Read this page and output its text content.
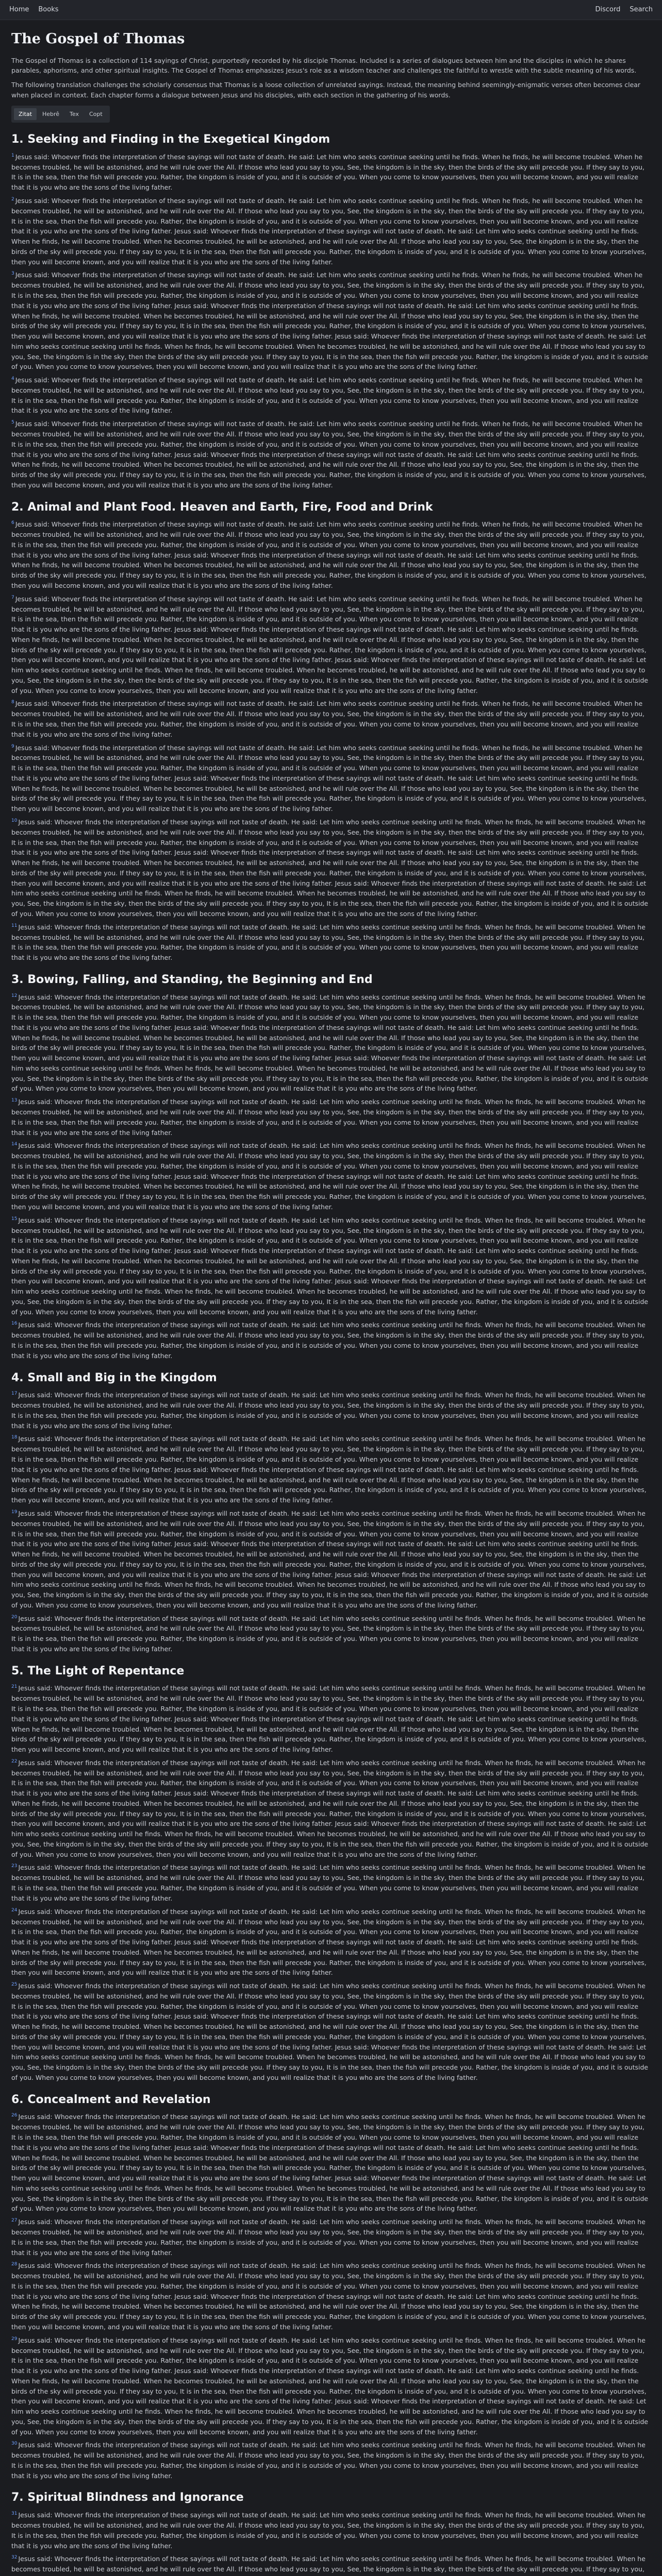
Home Books	Discord Search
The Gospel of Thomas

The Gospel of Thomas is a collection of 114 sayings of Christ, purportedly recorded by his disciple Thomas. Included is a series of dialogues between him and the disciples in which he shares parables, aphorisms, and other spiritual insights. The Gospel of Thomas emphasizes Jesus's role as a wisdom teacher and challenges the faithful to wrestle with the subtle meaning of his words.

The following translation challenges the scholarly consensus that Thomas is a loose collection of unrelated sayings. Instead, the meaning behind seemingly-enigmatic verses often becomes clear when placed in context. Each chapter forms a dialogue between Jesus and his disciples, with each section in the gathering of his words.

Zitat	Hebrê	Tex	Copt
1. Seeking and Finding in the Exegetical Kingdom

$^1$ Jesus said: Whoever finds the interpretation of these sayings will not taste of death. He said: Let him who seeks continue seeking until he finds. When he finds, he will become troubled. When he becomes troubled, he will be astonished, and he will rule over the All. If those who lead you say to you, See, the kingdom is in the sky, then the birds of the sky will precede you. If they say to you, It is in the sea, then the fish will precede you. Rather, the kingdom is inside of you, and it is outside of you. When you come to know yourselves, then you will become known, and you will realize that it is you who are the sons of the living father.

$^2$ Jesus said: Whoever finds the interpretation of these sayings will not taste of death. He said: Let him who seeks continue seeking until he finds. When he finds, he will become troubled. When he becomes troubled, he will be astonished, and he will rule over the All. If those who lead you say to you, See, the kingdom is in the sky, then the birds of the sky will precede you. If they say to you, It is in the sea, then the fish will precede you. Rather, the kingdom is inside of you, and it is outside of you. When you come to know yourselves, then you will become known, and you will realize that it is you who are the sons of the living father. Jesus said: Whoever finds the interpretation of these sayings will not taste of death. He said: Let him who seeks continue seeking until he finds. When he finds, he will become troubled. When he becomes troubled, he will be astonished, and he will rule over the All. If those who lead you say to you, See, the kingdom is in the sky, then the birds of the sky will precede you. If they say to you, It is in the sea, then the fish will precede you. Rather, the kingdom is inside of you, and it is outside of you. When you come to know yourselves, then you will become known, and you will realize that it is you who are the sons of the living father.

$^3$ Jesus said: Whoever finds the interpretation of these sayings will not taste of death. He said: Let him who seeks continue seeking until he finds. When he finds, he will become troubled. When he becomes troubled, he will be astonished, and he will rule over the All. If those who lead you say to you, See, the kingdom is in the sky, then the birds of the sky will precede you. If they say to you, It is in the sea, then the fish will precede you. Rather, the kingdom is inside of you, and it is outside of you. When you come to know yourselves, then you will become known, and you will realize that it is you who are the sons of the living father. Jesus said: Whoever finds the interpretation of these sayings will not taste of death. He said: Let him who seeks continue seeking until he finds. When he finds, he will become troubled. When he becomes troubled, he will be astonished, and he will rule over the All. If those who lead you say to you, See, the kingdom is in the sky, then the birds of the sky will precede you. If they say to you, It is in the sea, then the fish will precede you. Rather, the kingdom is inside of you, and it is outside of you. When you come to know yourselves, then you will become known, and you will realize that it is you who are the sons of the living father. Jesus said: Whoever finds the interpretation of these sayings will not taste of death. He said: Let him who seeks continue seeking until he finds. When he finds, he will become troubled. When he becomes troubled, he will be astonished, and he will rule over the All. If those who lead you say to you, See, the kingdom is in the sky, then the birds of the sky will precede you. If they say to you, It is in the sea, then the fish will precede you. Rather, the kingdom is inside of you, and it is outside of you. When you come to know yourselves, then you will become known, and you will realize that it is you who are the sons of the living father.

$^4$ Jesus said: Whoever finds the interpretation of these sayings will not taste of death. He said: Let him who seeks continue seeking until he finds. When he finds, he will become troubled. When he becomes troubled, he will be astonished, and he will rule over the All. If those who lead you say to you, See, the kingdom is in the sky, then the birds of the sky will precede you. If they say to you, It is in the sea, then the fish will precede you. Rather, the kingdom is inside of you, and it is outside of you. When you come to know yourselves, then you will become known, and you will realize that it is you who are the sons of the living father.

$^5$ Jesus said: Whoever finds the interpretation of these sayings will not taste of death. He said: Let him who seeks continue seeking until he finds. When he finds, he will become troubled. When he becomes troubled, he will be astonished, and he will rule over the All. If those who lead you say to you, See, the kingdom is in the sky, then the birds of the sky will precede you. If they say to you, It is in the sea, then the fish will precede you. Rather, the kingdom is inside of you, and it is outside of you. When you come to know yourselves, then you will become known, and you will realize that it is you who are the sons of the living father. Jesus said: Whoever finds the interpretation of these sayings will not taste of death. He said: Let him who seeks continue seeking until he finds. When he finds, he will become troubled. When he becomes troubled, he will be astonished, and he will rule over the All. If those who lead you say to you, See, the kingdom is in the sky, then the birds of the sky will precede you. If they say to you, It is in the sea, then the fish will precede you. Rather, the kingdom is inside of you, and it is outside of you. When you come to know yourselves, then you will become known, and you will realize that it is you who are the sons of the living father.

2. Animal and Plant Food. Heaven and Earth, Fire, Food and Drink

$^6$ Jesus said: Whoever finds the interpretation of these sayings will not taste of death. He said: Let him who seeks continue seeking until he finds. When he finds, he will become troubled. When he becomes troubled, he will be astonished, and he will rule over the All. If those who lead you say to you, See, the kingdom is in the sky, then the birds of the sky will precede you. If they say to you, It is in the sea, then the fish will precede you. Rather, the kingdom is inside of you, and it is outside of you. When you come to know yourselves, then you will become known, and you will realize that it is you who are the sons of the living father. Jesus said: Whoever finds the interpretation of these sayings will not taste of death. He said: Let him who seeks continue seeking until he finds. When he finds, he will become troubled. When he becomes troubled, he will be astonished, and he will rule over the All. If those who lead you say to you, See, the kingdom is in the sky, then the birds of the sky will precede you. If they say to you, It is in the sea, then the fish will precede you. Rather, the kingdom is inside of you, and it is outside of you. When you come to know yourselves, then you will become known, and you will realize that it is you who are the sons of the living father.

$^7$ Jesus said: Whoever finds the interpretation of these sayings will not taste of death. He said: Let him who seeks continue seeking until he finds. When he finds, he will become troubled. When he becomes troubled, he will be astonished, and he will rule over the All. If those who lead you say to you, See, the kingdom is in the sky, then the birds of the sky will precede you. If they say to you, It is in the sea, then the fish will precede you. Rather, the kingdom is inside of you, and it is outside of you. When you come to know yourselves, then you will become known, and you will realize that it is you who are the sons of the living father. Jesus said: Whoever finds the interpretation of these sayings will not taste of death. He said: Let him who seeks continue seeking until he finds. When he finds, he will become troubled. When he becomes troubled, he will be astonished, and he will rule over the All. If those who lead you say to you, See, the kingdom is in the sky, then the birds of the sky will precede you. If they say to you, It is in the sea, then the fish will precede you. Rather, the kingdom is inside of you, and it is outside of you. When you come to know yourselves, then you will become known, and you will realize that it is you who are the sons of the living father. Jesus said: Whoever finds the interpretation of these sayings will not taste of death. He said: Let him who seeks continue seeking until he finds. When he finds, he will become troubled. When he becomes troubled, he will be astonished, and he will rule over the All. If those who lead you say to you, See, the kingdom is in the sky, then the birds of the sky will precede you. If they say to you, It is in the sea, then the fish will precede you. Rather, the kingdom is inside of you, and it is outside of you. When you come to know yourselves, then you will become known, and you will realize that it is you who are the sons of the living father.

$^8$ Jesus said: Whoever finds the interpretation of these sayings will not taste of death. He said: Let him who seeks continue seeking until he finds. When he finds, he will become troubled. When he becomes troubled, he will be astonished, and he will rule over the All. If those who lead you say to you, See, the kingdom is in the sky, then the birds of the sky will precede you. If they say to you, It is in the sea, then the fish will precede you. Rather, the kingdom is inside of you, and it is outside of you. When you come to know yourselves, then you will become known, and you will realize that it is you who are the sons of the living father.

$^9$ Jesus said: Whoever finds the interpretation of these sayings will not taste of death. He said: Let him who seeks continue seeking until he finds. When he finds, he will become troubled. When he becomes troubled, he will be astonished, and he will rule over the All. If those who lead you say to you, See, the kingdom is in the sky, then the birds of the sky will precede you. If they say to you, It is in the sea, then the fish will precede you. Rather, the kingdom is inside of you, and it is outside of you. When you come to know yourselves, then you will become known, and you will realize that it is you who are the sons of the living father. Jesus said: Whoever finds the interpretation of these sayings will not taste of death. He said: Let him who seeks continue seeking until he finds. When he finds, he will become troubled. When he becomes troubled, he will be astonished, and he will rule over the All. If those who lead you say to you, See, the kingdom is in the sky, then the birds of the sky will precede you. If they say to you, It is in the sea, then the fish will precede you. Rather, the kingdom is inside of you, and it is outside of you. When you come to know yourselves, then you will become known, and you will realize that it is you who are the sons of the living father.

$^{10}$ Jesus said: Whoever finds the interpretation of these sayings will not taste of death. He said: Let him who seeks continue seeking until he finds. When he finds, he will become troubled. When he becomes troubled, he will be astonished, and he will rule over the All. If those who lead you say to you, See, the kingdom is in the sky, then the birds of the sky will precede you. If they say to you, It is in the sea, then the fish will precede you. Rather, the kingdom is inside of you, and it is outside of you. When you come to know yourselves, then you will become known, and you will realize that it is you who are the sons of the living father. Jesus said: Whoever finds the interpretation of these sayings will not taste of death. He said: Let him who seeks continue seeking until he finds. When he finds, he will become troubled. When he becomes troubled, he will be astonished, and he will rule over the All. If those who lead you say to you, See, the kingdom is in the sky, then the birds of the sky will precede you. If they say to you, It is in the sea, then the fish will precede you. Rather, the kingdom is inside of you, and it is outside of you. When you come to know yourselves, then you will become known, and you will realize that it is you who are the sons of the living father. Jesus said: Whoever finds the interpretation of these sayings will not taste of death. He said: Let him who seeks continue seeking until he finds. When he finds, he will become troubled. When he becomes troubled, he will be astonished, and he will rule over the All. If those who lead you say to you, See, the kingdom is in the sky, then the birds of the sky will precede you. If they say to you, It is in the sea, then the fish will precede you. Rather, the kingdom is inside of you, and it is outside of you. When you come to know yourselves, then you will become known, and you will realize that it is you who are the sons of the living father.

$^{11}$ Jesus said: Whoever finds the interpretation of these sayings will not taste of death. He said: Let him who seeks continue seeking until he finds. When he finds, he will become troubled. When he becomes troubled, he will be astonished, and he will rule over the All. If those who lead you say to you, See, the kingdom is in the sky, then the birds of the sky will precede you. If they say to you, It is in the sea, then the fish will precede you. Rather, the kingdom is inside of you, and it is outside of you. When you come to know yourselves, then you will become known, and you will realize that it is you who are the sons of the living father.

3. Bowing, Falling, and Standing, the Beginning and End

$^{12}$ Jesus said: Whoever finds the interpretation of these sayings will not taste of death. He said: Let him who seeks continue seeking until he finds. When he finds, he will become troubled. When he becomes troubled, he will be astonished, and he will rule over the All. If those who lead you say to you, See, the kingdom is in the sky, then the birds of the sky will precede you. If they say to you, It is in the sea, then the fish will precede you. Rather, the kingdom is inside of you, and it is outside of you. When you come to know yourselves, then you will become known, and you will realize that it is you who are the sons of the living father. Jesus said: Whoever finds the interpretation of these sayings will not taste of death. He said: Let him who seeks continue seeking until he finds. When he finds, he will become troubled. When he becomes troubled, he will be astonished, and he will rule over the All. If those who lead you say to you, See, the kingdom is in the sky, then the birds of the sky will precede you. If they say to you, It is in the sea, then the fish will precede you. Rather, the kingdom is inside of you, and it is outside of you. When you come to know yourselves, then you will become known, and you will realize that it is you who are the sons of the living father. Jesus said: Whoever finds the interpretation of these sayings will not taste of death. He said: Let him who seeks continue seeking until he finds. When he finds, he will become troubled. When he becomes troubled, he will be astonished, and he will rule over the All. If those who lead you say to you, See, the kingdom is in the sky, then the birds of the sky will precede you. If they say to you, It is in the sea, then the fish will precede you. Rather, the kingdom is inside of you, and it is outside of you. When you come to know yourselves, then you will become known, and you will realize that it is you who are the sons of the living father.

$^{13}$ Jesus said: Whoever finds the interpretation of these sayings will not taste of death. He said: Let him who seeks continue seeking until he finds. When he finds, he will become troubled. When he becomes troubled, he will be astonished, and he will rule over the All. If those who lead you say to you, See, the kingdom is in the sky, then the birds of the sky will precede you. If they say to you, It is in the sea, then the fish will precede you. Rather, the kingdom is inside of you, and it is outside of you. When you come to know yourselves, then you will become known, and you will realize that it is you who are the sons of the living father.

$^{14}$ Jesus said: Whoever finds the interpretation of these sayings will not taste of death. He said: Let him who seeks continue seeking until he finds. When he finds, he will become troubled. When he becomes troubled, he will be astonished, and he will rule over the All. If those who lead you say to you, See, the kingdom is in the sky, then the birds of the sky will precede you. If they say to you, It is in the sea, then the fish will precede you. Rather, the kingdom is inside of you, and it is outside of you. When you come to know yourselves, then you will become known, and you will realize that it is you who are the sons of the living father. Jesus said: Whoever finds the interpretation of these sayings will not taste of death. He said: Let him who seeks continue seeking until he finds. When he finds, he will become troubled. When he becomes troubled, he will be astonished, and he will rule over the All. If those who lead you say to you, See, the kingdom is in the sky, then the birds of the sky will precede you. If they say to you, It is in the sea, then the fish will precede you. Rather, the kingdom is inside of you, and it is outside of you. When you come to know yourselves, then you will become known, and you will realize that it is you who are the sons of the living father.

$^{15}$ Jesus said: Whoever finds the interpretation of these sayings will not taste of death. He said: Let him who seeks continue seeking until he finds. When he finds, he will become troubled. When he becomes troubled, he will be astonished, and he will rule over the All. If those who lead you say to you, See, the kingdom is in the sky, then the birds of the sky will precede you. If they say to you, It is in the sea, then the fish will precede you. Rather, the kingdom is inside of you, and it is outside of you. When you come to know yourselves, then you will become known, and you will realize that it is you who are the sons of the living father. Jesus said: Whoever finds the interpretation of these sayings will not taste of death. He said: Let him who seeks continue seeking until he finds. When he finds, he will become troubled. When he becomes troubled, he will be astonished, and he will rule over the All. If those who lead you say to you, See, the kingdom is in the sky, then the birds of the sky will precede you. If they say to you, It is in the sea, then the fish will precede you. Rather, the kingdom is inside of you, and it is outside of you. When you come to know yourselves, then you will become known, and you will realize that it is you who are the sons of the living father. Jesus said: Whoever finds the interpretation of these sayings will not taste of death. He said: Let him who seeks continue seeking until he finds. When he finds, he will become troubled. When he becomes troubled, he will be astonished, and he will rule over the All. If those who lead you say to you, See, the kingdom is in the sky, then the birds of the sky will precede you. If they say to you, It is in the sea, then the fish will precede you. Rather, the kingdom is inside of you, and it is outside of you. When you come to know yourselves, then you will become known, and you will realize that it is you who are the sons of the living father.

$^{16}$ Jesus said: Whoever finds the interpretation of these sayings will not taste of death. He said: Let him who seeks continue seeking until he finds. When he finds, he will become troubled. When he becomes troubled, he will be astonished, and he will rule over the All. If those who lead you say to you, See, the kingdom is in the sky, then the birds of the sky will precede you. If they say to you, It is in the sea, then the fish will precede you. Rather, the kingdom is inside of you, and it is outside of you. When you come to know yourselves, then you will become known, and you will realize that it is you who are the sons of the living father.

4. Small and Big in the Kingdom

$^{17}$ Jesus said: Whoever finds the interpretation of these sayings will not taste of death. He said: Let him who seeks continue seeking until he finds. When he finds, he will become troubled. When he becomes troubled, he will be astonished, and he will rule over the All. If those who lead you say to you, See, the kingdom is in the sky, then the birds of the sky will precede you. If they say to you, It is in the sea, then the fish will precede you. Rather, the kingdom is inside of you, and it is outside of you. When you come to know yourselves, then you will become known, and you will realize that it is you who are the sons of the living father.

$^{18}$ Jesus said: Whoever finds the interpretation of these sayings will not taste of death. He said: Let him who seeks continue seeking until he finds. When he finds, he will become troubled. When he becomes troubled, he will be astonished, and he will rule over the All. If those who lead you say to you, See, the kingdom is in the sky, then the birds of the sky will precede you. If they say to you, It is in the sea, then the fish will precede you. Rather, the kingdom is inside of you, and it is outside of you. When you come to know yourselves, then you will become known, and you will realize that it is you who are the sons of the living father. Jesus said: Whoever finds the interpretation of these sayings will not taste of death. He said: Let him who seeks continue seeking until he finds. When he finds, he will become troubled. When he becomes troubled, he will be astonished, and he will rule over the All. If those who lead you say to you, See, the kingdom is in the sky, then the birds of the sky will precede you. If they say to you, It is in the sea, then the fish will precede you. Rather, the kingdom is inside of you, and it is outside of you. When you come to know yourselves, then you will become known, and you will realize that it is you who are the sons of the living father.

$^{19}$ Jesus said: Whoever finds the interpretation of these sayings will not taste of death. He said: Let him who seeks continue seeking until he finds. When he finds, he will become troubled. When he becomes troubled, he will be astonished, and he will rule over the All. If those who lead you say to you, See, the kingdom is in the sky, then the birds of the sky will precede you. If they say to you, It is in the sea, then the fish will precede you. Rather, the kingdom is inside of you, and it is outside of you. When you come to know yourselves, then you will become known, and you will realize that it is you who are the sons of the living father. Jesus said: Whoever finds the interpretation of these sayings will not taste of death. He said: Let him who seeks continue seeking until he finds. When he finds, he will become troubled. When he becomes troubled, he will be astonished, and he will rule over the All. If those who lead you say to you, See, the kingdom is in the sky, then the birds of the sky will precede you. If they say to you, It is in the sea, then the fish will precede you. Rather, the kingdom is inside of you, and it is outside of you. When you come to know yourselves, then you will become known, and you will realize that it is you who are the sons of the living father. Jesus said: Whoever finds the interpretation of these sayings will not taste of death. He said: Let him who seeks continue seeking until he finds. When he finds, he will become troubled. When he becomes troubled, he will be astonished, and he will rule over the All. If those who lead you say to you, See, the kingdom is in the sky, then the birds of the sky will precede you. If they say to you, It is in the sea, then the fish will precede you. Rather, the kingdom is inside of you, and it is outside of you. When you come to know yourselves, then you will become known, and you will realize that it is you who are the sons of the living father.

$^{20}$ Jesus said: Whoever finds the interpretation of these sayings will not taste of death. He said: Let him who seeks continue seeking until he finds. When he finds, he will become troubled. When he becomes troubled, he will be astonished, and he will rule over the All. If those who lead you say to you, See, the kingdom is in the sky, then the birds of the sky will precede you. If they say to you, It is in the sea, then the fish will precede you. Rather, the kingdom is inside of you, and it is outside of you. When you come to know yourselves, then you will become known, and you will realize that it is you who are the sons of the living father.

5. The Light of Repentance

$^{21}$ Jesus said: Whoever finds the interpretation of these sayings will not taste of death. He said: Let him who seeks continue seeking until he finds. When he finds, he will become troubled. When he becomes troubled, he will be astonished, and he will rule over the All. If those who lead you say to you, See, the kingdom is in the sky, then the birds of the sky will precede you. If they say to you, It is in the sea, then the fish will precede you. Rather, the kingdom is inside of you, and it is outside of you. When you come to know yourselves, then you will become known, and you will realize that it is you who are the sons of the living father. Jesus said: Whoever finds the interpretation of these sayings will not taste of death. He said: Let him who seeks continue seeking until he finds. When he finds, he will become troubled. When he becomes troubled, he will be astonished, and he will rule over the All. If those who lead you say to you, See, the kingdom is in the sky, then the birds of the sky will precede you. If they say to you, It is in the sea, then the fish will precede you. Rather, the kingdom is inside of you, and it is outside of you. When you come to know yourselves, then you will become known, and you will realize that it is you who are the sons of the living father.

$^{22}$ Jesus said: Whoever finds the interpretation of these sayings will not taste of death. He said: Let him who seeks continue seeking until he finds. When he finds, he will become troubled. When he becomes troubled, he will be astonished, and he will rule over the All. If those who lead you say to you, See, the kingdom is in the sky, then the birds of the sky will precede you. If they say to you, It is in the sea, then the fish will precede you. Rather, the kingdom is inside of you, and it is outside of you. When you come to know yourselves, then you will become known, and you will realize that it is you who are the sons of the living father. Jesus said: Whoever finds the interpretation of these sayings will not taste of death. He said: Let him who seeks continue seeking until he finds. When he finds, he will become troubled. When he becomes troubled, he will be astonished, and he will rule over the All. If those who lead you say to you, See, the kingdom is in the sky, then the birds of the sky will precede you. If they say to you, It is in the sea, then the fish will precede you. Rather, the kingdom is inside of you, and it is outside of you. When you come to know yourselves, then you will become known, and you will realize that it is you who are the sons of the living father. Jesus said: Whoever finds the interpretation of these sayings will not taste of death. He said: Let him who seeks continue seeking until he finds. When he finds, he will become troubled. When he becomes troubled, he will be astonished, and he will rule over the All. If those who lead you say to you, See, the kingdom is in the sky, then the birds of the sky will precede you. If they say to you, It is in the sea, then the fish will precede you. Rather, the kingdom is inside of you, and it is outside of you. When you come to know yourselves, then you will become known, and you will realize that it is you who are the sons of the living father.

$^{23}$ Jesus said: Whoever finds the interpretation of these sayings will not taste of death. He said: Let him who seeks continue seeking until he finds. When he finds, he will become troubled. When he becomes troubled, he will be astonished, and he will rule over the All. If those who lead you say to you, See, the kingdom is in the sky, then the birds of the sky will precede you. If they say to you, It is in the sea, then the fish will precede you. Rather, the kingdom is inside of you, and it is outside of you. When you come to know yourselves, then you will become known, and you will realize that it is you who are the sons of the living father.

$^{24}$ Jesus said: Whoever finds the interpretation of these sayings will not taste of death. He said: Let him who seeks continue seeking until he finds. When he finds, he will become troubled. When he becomes troubled, he will be astonished, and he will rule over the All. If those who lead you say to you, See, the kingdom is in the sky, then the birds of the sky will precede you. If they say to you, It is in the sea, then the fish will precede you. Rather, the kingdom is inside of you, and it is outside of you. When you come to know yourselves, then you will become known, and you will realize that it is you who are the sons of the living father. Jesus said: Whoever finds the interpretation of these sayings will not taste of death. He said: Let him who seeks continue seeking until he finds. When he finds, he will become troubled. When he becomes troubled, he will be astonished, and he will rule over the All. If those who lead you say to you, See, the kingdom is in the sky, then the birds of the sky will precede you. If they say to you, It is in the sea, then the fish will precede you. Rather, the kingdom is inside of you, and it is outside of you. When you come to know yourselves, then you will become known, and you will realize that it is you who are the sons of the living father.

$^{25}$ Jesus said: Whoever finds the interpretation of these sayings will not taste of death. He said: Let him who seeks continue seeking until he finds. When he finds, he will become troubled. When he becomes troubled, he will be astonished, and he will rule over the All. If those who lead you say to you, See, the kingdom is in the sky, then the birds of the sky will precede you. If they say to you, It is in the sea, then the fish will precede you. Rather, the kingdom is inside of you, and it is outside of you. When you come to know yourselves, then you will become known, and you will realize that it is you who are the sons of the living father. Jesus said: Whoever finds the interpretation of these sayings will not taste of death. He said: Let him who seeks continue seeking until he finds. When he finds, he will become troubled. When he becomes troubled, he will be astonished, and he will rule over the All. If those who lead you say to you, See, the kingdom is in the sky, then the birds of the sky will precede you. If they say to you, It is in the sea, then the fish will precede you. Rather, the kingdom is inside of you, and it is outside of you. When you come to know yourselves, then you will become known, and you will realize that it is you who are the sons of the living father. Jesus said: Whoever finds the interpretation of these sayings will not taste of death. He said: Let him who seeks continue seeking until he finds. When he finds, he will become troubled. When he becomes troubled, he will be astonished, and he will rule over the All. If those who lead you say to you, See, the kingdom is in the sky, then the birds of the sky will precede you. If they say to you, It is in the sea, then the fish will precede you. Rather, the kingdom is inside of you, and it is outside of you. When you come to know yourselves, then you will become known, and you will realize that it is you who are the sons of the living father.

6. Concealment and Revelation

$^{26}$ Jesus said: Whoever finds the interpretation of these sayings will not taste of death. He said: Let him who seeks continue seeking until he finds. When he finds, he will become troubled. When he becomes troubled, he will be astonished, and he will rule over the All. If those who lead you say to you, See, the kingdom is in the sky, then the birds of the sky will precede you. If they say to you, It is in the sea, then the fish will precede you. Rather, the kingdom is inside of you, and it is outside of you. When you come to know yourselves, then you will become known, and you will realize that it is you who are the sons of the living father. Jesus said: Whoever finds the interpretation of these sayings will not taste of death. He said: Let him who seeks continue seeking until he finds. When he finds, he will become troubled. When he becomes troubled, he will be astonished, and he will rule over the All. If those who lead you say to you, See, the kingdom is in the sky, then the birds of the sky will precede you. If they say to you, It is in the sea, then the fish will precede you. Rather, the kingdom is inside of you, and it is outside of you. When you come to know yourselves, then you will become known, and you will realize that it is you who are the sons of the living father. Jesus said: Whoever finds the interpretation of these sayings will not taste of death. He said: Let him who seeks continue seeking until he finds. When he finds, he will become troubled. When he becomes troubled, he will be astonished, and he will rule over the All. If those who lead you say to you, See, the kingdom is in the sky, then the birds of the sky will precede you. If they say to you, It is in the sea, then the fish will precede you. Rather, the kingdom is inside of you, and it is outside of you. When you come to know yourselves, then you will become known, and you will realize that it is you who are the sons of the living father.

$^{27}$ Jesus said: Whoever finds the interpretation of these sayings will not taste of death. He said: Let him who seeks continue seeking until he finds. When he finds, he will become troubled. When he becomes troubled, he will be astonished, and he will rule over the All. If those who lead you say to you, See, the kingdom is in the sky, then the birds of the sky will precede you. If they say to you, It is in the sea, then the fish will precede you. Rather, the kingdom is inside of you, and it is outside of you. When you come to know yourselves, then you will become known, and you will realize that it is you who are the sons of the living father.

$^{28}$ Jesus said: Whoever finds the interpretation of these sayings will not taste of death. He said: Let him who seeks continue seeking until he finds. When he finds, he will become troubled. When he becomes troubled, he will be astonished, and he will rule over the All. If those who lead you say to you, See, the kingdom is in the sky, then the birds of the sky will precede you. If they say to you, It is in the sea, then the fish will precede you. Rather, the kingdom is inside of you, and it is outside of you. When you come to know yourselves, then you will become known, and you will realize that it is you who are the sons of the living father. Jesus said: Whoever finds the interpretation of these sayings will not taste of death. He said: Let him who seeks continue seeking until he finds. When he finds, he will become troubled. When he becomes troubled, he will be astonished, and he will rule over the All. If those who lead you say to you, See, the kingdom is in the sky, then the birds of the sky will precede you. If they say to you, It is in the sea, then the fish will precede you. Rather, the kingdom is inside of you, and it is outside of you. When you come to know yourselves, then you will become known, and you will realize that it is you who are the sons of the living father.

$^{29}$ Jesus said: Whoever finds the interpretation of these sayings will not taste of death. He said: Let him who seeks continue seeking until he finds. When he finds, he will become troubled. When he becomes troubled, he will be astonished, and he will rule over the All. If those who lead you say to you, See, the kingdom is in the sky, then the birds of the sky will precede you. If they say to you, It is in the sea, then the fish will precede you. Rather, the kingdom is inside of you, and it is outside of you. When you come to know yourselves, then you will become known, and you will realize that it is you who are the sons of the living father. Jesus said: Whoever finds the interpretation of these sayings will not taste of death. He said: Let him who seeks continue seeking until he finds. When he finds, he will become troubled. When he becomes troubled, he will be astonished, and he will rule over the All. If those who lead you say to you, See, the kingdom is in the sky, then the birds of the sky will precede you. If they say to you, It is in the sea, then the fish will precede you. Rather, the kingdom is inside of you, and it is outside of you. When you come to know yourselves, then you will become known, and you will realize that it is you who are the sons of the living father. Jesus said: Whoever finds the interpretation of these sayings will not taste of death. He said: Let him who seeks continue seeking until he finds. When he finds, he will become troubled. When he becomes troubled, he will be astonished, and he will rule over the All. If those who lead you say to you, See, the kingdom is in the sky, then the birds of the sky will precede you. If they say to you, It is in the sea, then the fish will precede you. Rather, the kingdom is inside of you, and it is outside of you. When you come to know yourselves, then you will become known, and you will realize that it is you who are the sons of the living father.

$^{30}$ Jesus said: Whoever finds the interpretation of these sayings will not taste of death. He said: Let him who seeks continue seeking until he finds. When he finds, he will become troubled. When he becomes troubled, he will be astonished, and he will rule over the All. If those who lead you say to you, See, the kingdom is in the sky, then the birds of the sky will precede you. If they say to you, It is in the sea, then the fish will precede you. Rather, the kingdom is inside of you, and it is outside of you. When you come to know yourselves, then you will become known, and you will realize that it is you who are the sons of the living father.

7. Spiritual Blindness and Ignorance

$^{31}$ Jesus said: Whoever finds the interpretation of these sayings will not taste of death. He said: Let him who seeks continue seeking until he finds. When he finds, he will become troubled. When he becomes troubled, he will be astonished, and he will rule over the All. If those who lead you say to you, See, the kingdom is in the sky, then the birds of the sky will precede you. If they say to you, It is in the sea, then the fish will precede you. Rather, the kingdom is inside of you, and it is outside of you. When you come to know yourselves, then you will become known, and you will realize that it is you who are the sons of the living father.

$^{32}$ Jesus said: Whoever finds the interpretation of these sayings will not taste of death. He said: Let him who seeks continue seeking until he finds. When he finds, he will become troubled. When he becomes troubled, he will be astonished, and he will rule over the All. If those who lead you say to you, See, the kingdom is in the sky, then the birds of the sky will precede you. If they say to you,
